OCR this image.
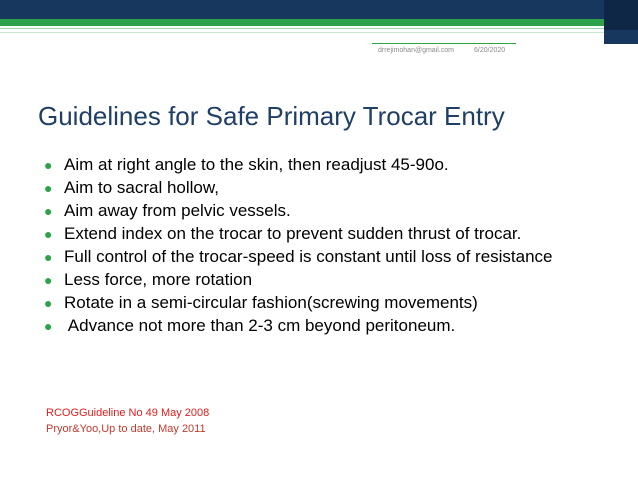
drrejimohan@gmail.com	6/20/2020
Guidelines for Safe Primary Trocar Entry
● Aim at right angle to the skin, then readjust 45-90o.
● Aim to sacral hollow,
● Aim away from pelvic vessels.
● Extend index on the trocar to prevent sudden thrust of trocar.
● Full control of the trocar-speed is constant until loss of resistance
● Less force, more rotation
● Rotate in a semi-circular fashion(screwing movements)
● Advance not more than 2-3 cm beyond peritoneum.
RCOGGuideline No 49 May 2008
Pryor&Yoo,Up to date, May 2011
